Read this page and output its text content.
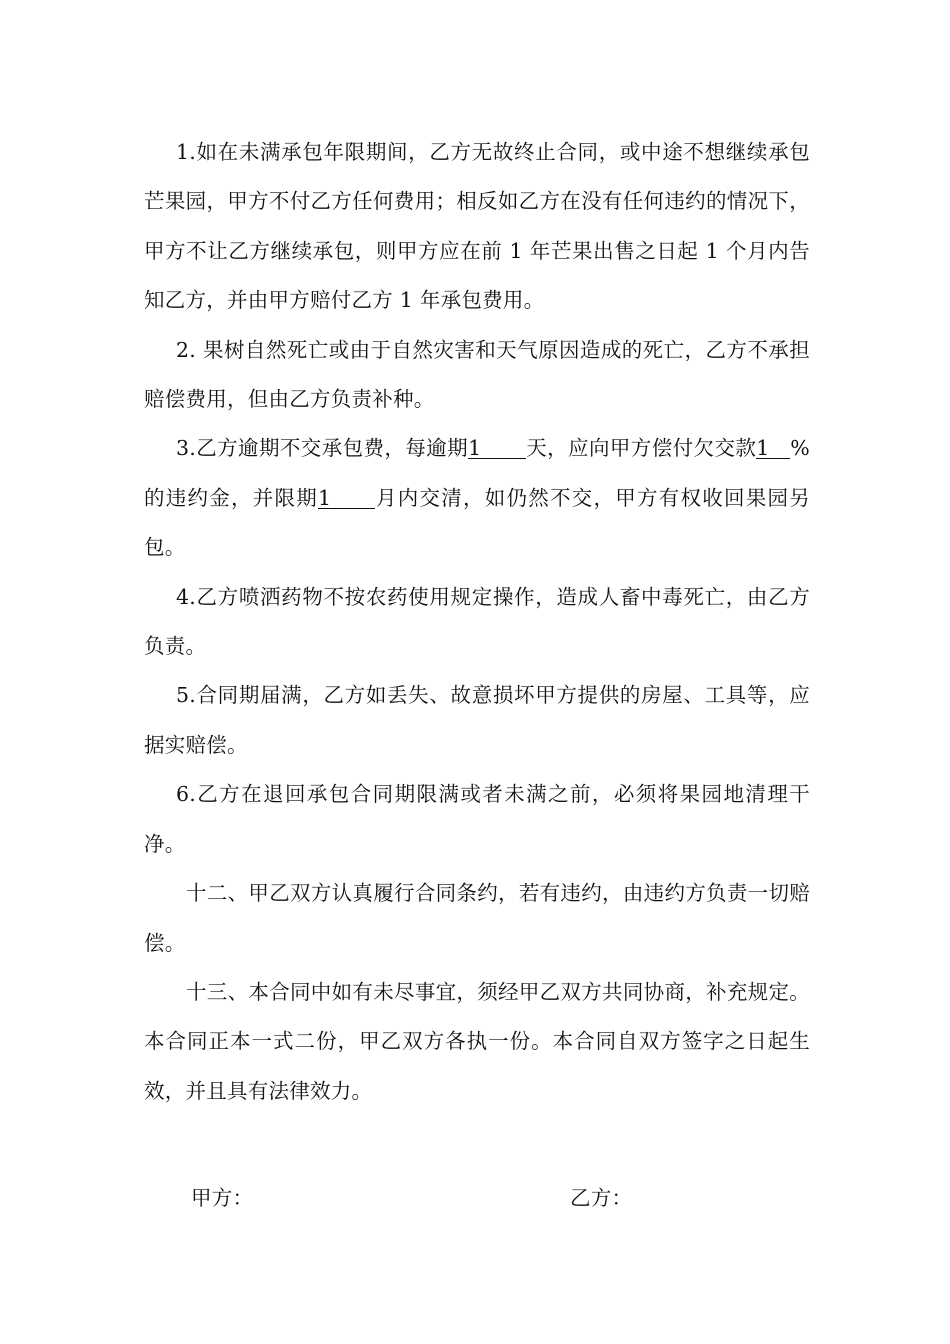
1.如在未满承包年限期间，乙方无故终止合同，或中途不想继续承包芒果园，甲方不付乙方任何费用；相反如乙方在没有任何违约的情况下，甲方不让乙方继续承包，则甲方应在前 1 年芒果出售之日起 1 个月内告知乙方，并由甲方赔付乙方 1 年承包费用。

2. 果树自然死亡或由于自然灾害和天气原因造成的死亡，乙方不承担赔偿费用，但由乙方负责补种。

3.乙方逾期不交承包费，每逾期1 天，应向甲方偿付欠交款1 %的违约金，并限期1 月内交清，如仍然不交，甲方有权收回果园另包。

4.乙方喷洒药物不按农药使用规定操作，造成人畜中毒死亡，由乙方负责。

5.合同期届满，乙方如丢失、故意损坏甲方提供的房屋、工具等，应据实赔偿。

6.乙方在退回承包合同期限满或者未满之前，必须将果园地清理干净。

十二、甲乙双方认真履行合同条约，若有违约，由违约方负责一切赔偿。

十三、本合同中如有未尽事宜，须经甲乙双方共同协商，补充规定。本合同正本一式二份，甲乙双方各执一份。本合同自双方签字之日起生效，并且具有法律效力。

甲方：	乙方：
